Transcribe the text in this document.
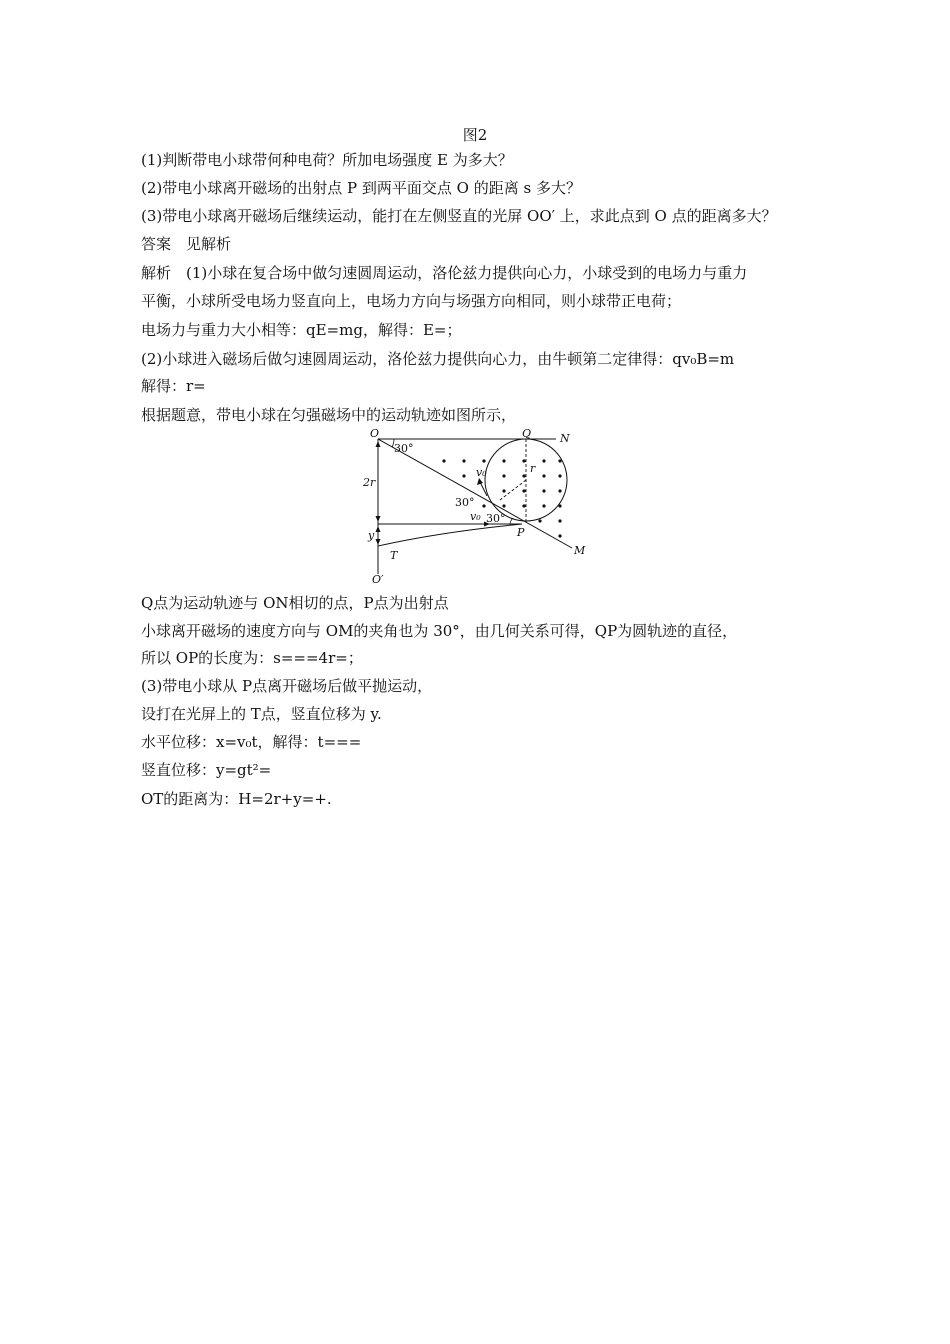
图2
(1)判断带电小球带何种电荷？所加电场强度 E 为多大？
(2)带电小球离开磁场的出射点 P 到两平面交点 O 的距离 s 多大？
(3)带电小球离开磁场后继续运动，能打在左侧竖直的光屏 OO′ 上，求此点到 O 点的距离多大？
答案　见解析
解析　(1)小球在复合场中做匀速圆周运动，洛伦兹力提供向心力，小球受到的电场力与重力
平衡，小球所受电场力竖直向上，电场力方向与场强方向相同，则小球带正电荷；
电场力与重力大小相等：qE=mg，解得：E=；
(2)小球进入磁场后做匀速圆周运动，洛伦兹力提供向心力，由牛顿第二定律得：qv₀B=m
解得：r=
根据题意，带电小球在匀强磁场中的运动轨迹如图所示，
O	Q	N
M
P
T
O′
30°
30°
30°
v₀
v₀
r
2r
y
Q点为运动轨迹与 ON相切的点，P点为出射点
小球离开磁场的速度方向与 OM的夹角也为 30°，由几何关系可得，QP为圆轨迹的直径，
所以 OP的长度为：s===4r=；
(3)带电小球从 P点离开磁场后做平抛运动，
设打在光屏上的 T点，竖直位移为 y.
水平位移：x=v₀t，解得：t===
竖直位移：y=gt²=
OT的距离为：H=2r+y=+.
